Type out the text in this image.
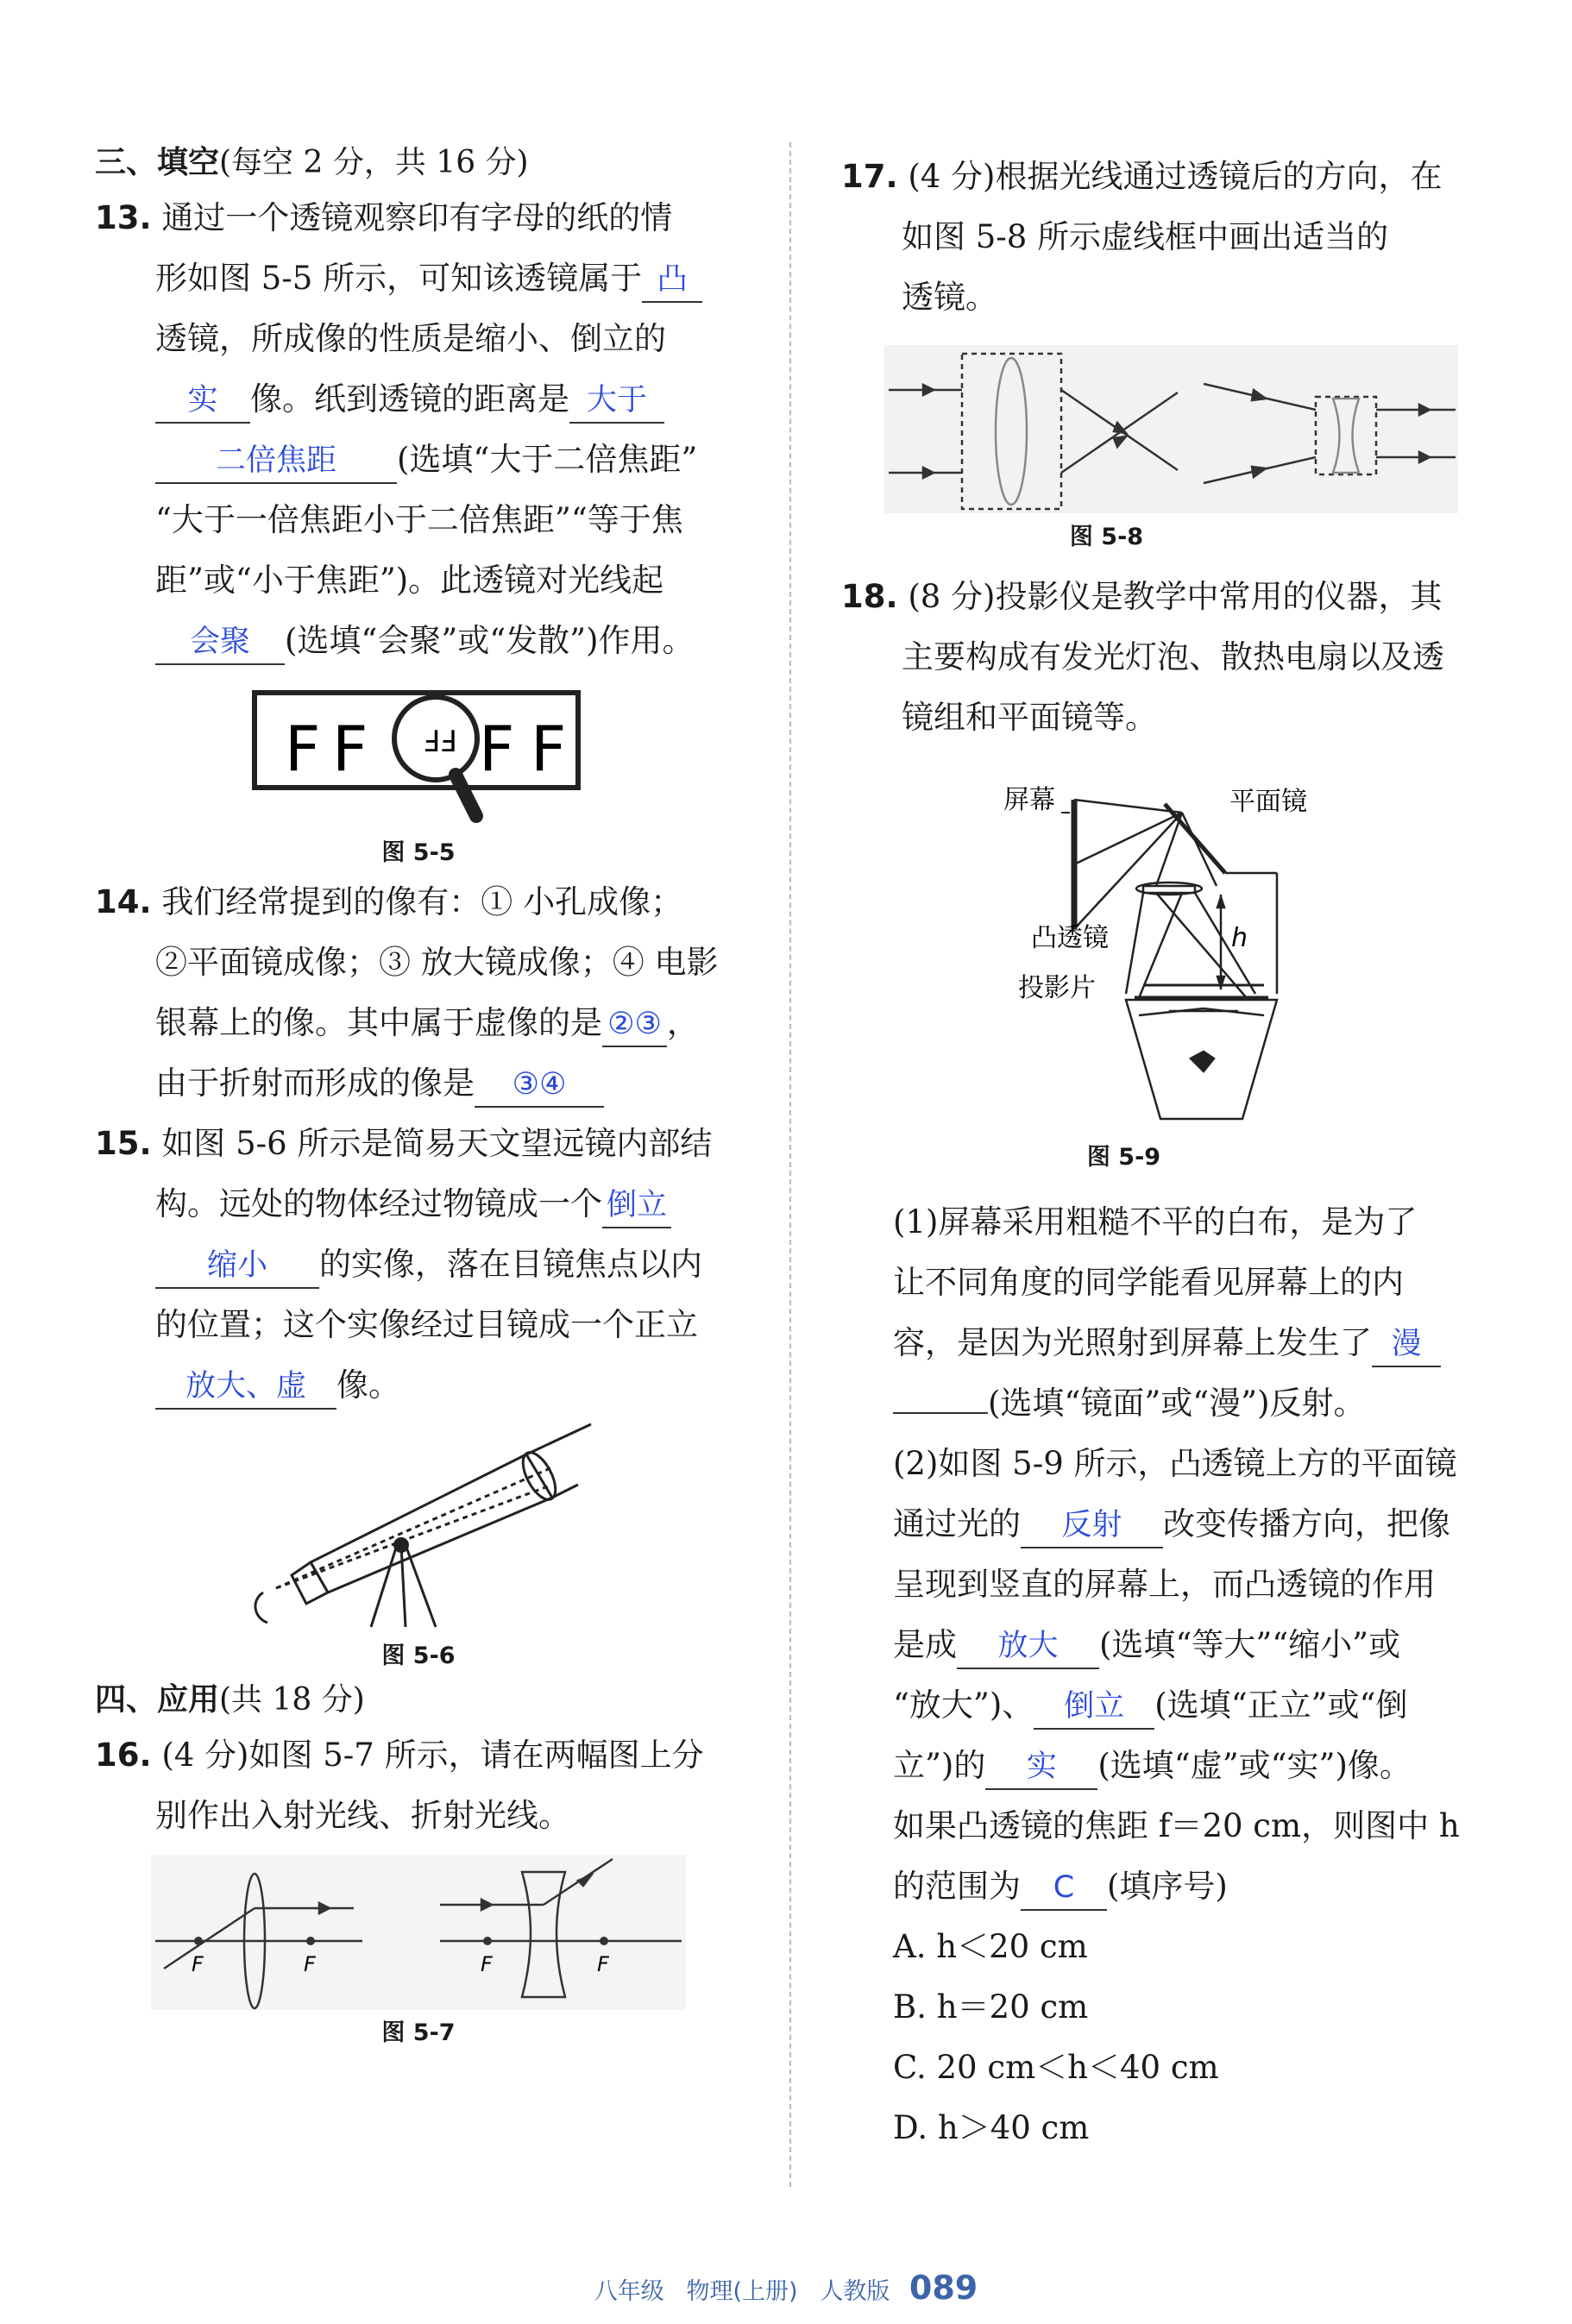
三、填空(每空 2 分，共 16 分)
13. 通过一个透镜观察印有字母的纸的情
形如图 5-5 所示，可知该透镜属于 凸
透镜，所成像的性质是缩小、倒立的
实 像。纸到透镜的距离是 大于
二倍焦距 (选填“大于二倍焦距”
“大于一倍焦距小于二倍焦距”“等于焦
距”或“小于焦距”)。此透镜对光线起
会聚 (选填“会聚”或“发散”)作用。
F F FF F F
图 5-5
14. 我们经常提到的像有：① 小孔成像；
②平面镜成像；③ 放大镜成像；④ 电影
银幕上的像。其中属于虚像的是 ②③ ，
由于折射而形成的像是 ③④
15. 如图 5-6 所示是简易天文望远镜内部结
构。远处的物体经过物镜成一个 倒立
缩小 的实像，落在目镜焦点以内
的位置；这个实像经过目镜成一个正立
放大、虚 像。
图 5-6
四、应用(共 18 分)
16. (4 分)如图 5-7 所示，请在两幅图上分
别作出入射光线、折射光线。
F	F	F	F
图 5-7
17. (4 分)根据光线通过透镜后的方向，在
如图 5-8 所示虚线框中画出适当的
透镜。
图 5-8
18. (8 分)投影仪是教学中常用的仪器，其
主要构成有发光灯泡、散热电扇以及透
镜组和平面镜等。
屏幕	平面镜
凸透镜
投影片
h
图 5-9
(1)屏幕采用粗糙不平的白布，是为了
让不同角度的同学能看见屏幕上的内
容，是因为光照射到屏幕上发生了 漫
(选填“镜面”或“漫”)反射。
(2)如图 5-9 所示，凸透镜上方的平面镜
通过光的 反射 改变传播方向，把像
呈现到竖直的屏幕上，而凸透镜的作用
是成 放大 (选填“等大”“缩小”或
“放大”)、 倒立 (选填“正立”或“倒
立”)的 实 (选填“虚”或“实”)像。
如果凸透镜的焦距 f＝20 cm，则图中 h
的范围为 C (填序号)
A. h＜20 cm
B. h＝20 cm
C. 20 cm＜h＜40 cm
D. h＞40 cm
八年级 物理(上册) 人教版 089
